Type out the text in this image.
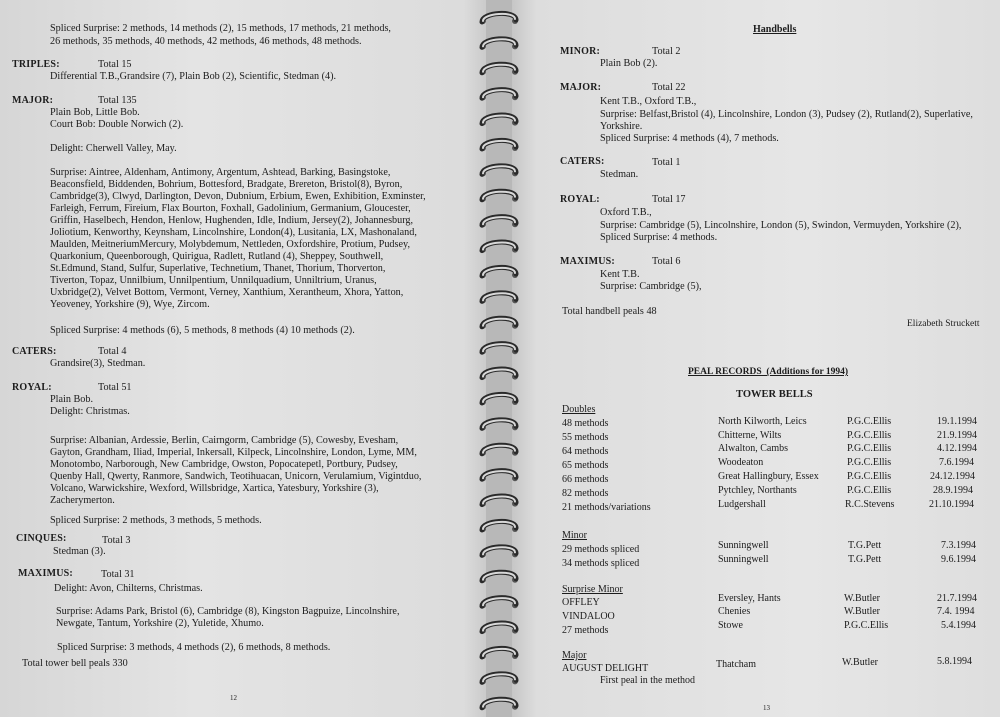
Spliced Surprise: 2 methods, 14 methods (2), 15 methods, 17 methods, 21 methods,
26 methods, 35 methods, 40 methods, 42 methods, 46 methods, 48 methods.
TRIPLES:	Total 15
Differential T.B.,Grandsire (7), Plain Bob (2), Scientific, Stedman (4).
MAJOR:	Total 135
Plain Bob, Little Bob.
Court Bob: Double Norwich (2).
Delight: Cherwell Valley, May.
Surprise: Aintree, Aldenham, Antimony, Argentum, Ashtead, Barking, Basingstoke,
Beaconsfield, Biddenden, Bohrium, Bottesford, Bradgate, Brereton, Bristol(8), Byron,
Cambridge(3), Clwyd, Darlington, Devon, Dubnium, Erbium, Ewen, Exhibition, Exminster,
Farleigh, Ferrum, Fireium, Flax Bourton, Foxhall, Gadolinium, Germanium, Gloucester,
Griffin, Haselbech, Hendon, Henlow, Hughenden, Idle, Indium, Jersey(2), Johannesburg,
Joliotium, Kenworthy, Keynsham, Lincolnshire, London(4), Lusitania, LX, Mashonaland,
Maulden, MeitneriumMercury, Molybdemum, Nettleden, Oxfordshire, Protium, Pudsey,
Quarkonium, Queenborough, Quirigua, Radlett, Rutland (4), Sheppey, Southwell,
St.Edmund, Stand, Sulfur, Superlative, Technetium, Thanet, Thorium, Thorverton,
Tiverton, Topaz, Unnilbium, Unnilpentium, Unnilquadium, Unniltrium, Uranus,
Uxbridge(2), Velvet Bottom, Vermont, Verney, Xanthium, Xerantheum, Xhora, Yatton,
Yeoveney, Yorkshire (9), Wye, Zircom.
Spliced Surprise: 4 methods (6), 5 methods, 8 methods (4) 10 methods (2).
CATERS:	Total 4
Grandsire(3), Stedman.
ROYAL:	Total 51
Plain Bob.
Delight: Christmas.
Surprise: Albanian, Ardessie, Berlin, Cairngorm, Cambridge (5), Cowesby, Evesham,
Gayton, Grandham, Iliad, Imperial, Inkersall, Kilpeck, Lincolnshire, London, Lyme, MM,
Monotombo, Narborough, New Cambridge, Owston, Popocatepetl, Portbury, Pudsey,
Quenby Hall, Qwerty, Ranmore, Sandwich, Teotihuacan, Unicorn, Verulamium, Vigintduo,
Volcano, Warwickshire, Wexford, Willsbridge, Xartica, Yatesbury, Yorkshire (3),
Zacherymerton.
Spliced Surprise: 2 methods, 3 methods, 5 methods.
CINQUES:	Total 3
Stedman (3).
MAXIMUS:	Total 31
Delight: Avon, Chilterns, Christmas.
Surprise: Adams Park, Bristol (6), Cambridge (8), Kingston Bagpuize, Lincolnshire,
Newgate, Tantum, Yorkshire (2), Yuletide, Xhumo.
Spliced Surprise: 3 methods, 4 methods (2), 6 methods, 8 methods.
Total tower bell peals 330
12
Handbells
MINOR:	Total 2
Plain Bob (2).
MAJOR:	Total 22
Kent T.B., Oxford T.B.,
Surprise: Belfast,Bristol (4), Lincolnshire, London (3), Pudsey (2), Rutland(2), Superlative,
Yorkshire.
Spliced Surprise: 4 methods (4), 7 methods.
CATERS:	Total 1
Stedman.
ROYAL:	Total 17
Oxford T.B.,
Surprise: Cambridge (5), Lincolnshire, London (5), Swindon, Vermuyden, Yorkshire (2),
Spliced Surprise: 4 methods.
MAXIMUS:	Total 6
Kent T.B.
Surprise: Cambridge (5),
Total handbell peals 48
Elizabeth Struckett
PEAL RECORDS  (Additions for 1994)
TOWER BELLS
Doubles
48 methods	North Kilworth, Leics	P.G.C.Ellis	19.1.1994
55 methods	Chitterne, Wilts	P.G.C.Ellis	21.9.1994
64 methods	Alwalton, Cambs	P.G.C.Ellis	4.12.1994
65 methods	Woodeaton	P.G.C.Ellis	7.6.1994
66 methods	Great Hallingbury, Essex	P.G.C.Ellis	24.12.1994
82 methods	Pytchley, Northants	P.G.C.Ellis	28.9.1994
21 methods/variations	Ludgershall	R.C.Stevens	21.10.1994
Minor
29 methods spliced	Sunningwell	T.G.Pett	7.3.1994
34 methods spliced	Sunningwell	T.G.Pett	9.6.1994
Surprise Minor
OFFLEY	Eversley, Hants	W.Butler	21.7.1994
VINDALOO	Chenies	W.Butler	7.4. 1994
27 methods	Stowe	P.G.C.Ellis	5.4.1994
Major
AUGUST DELIGHT	Thatcham	W.Butler	5.8.1994
First peal in the method
13
